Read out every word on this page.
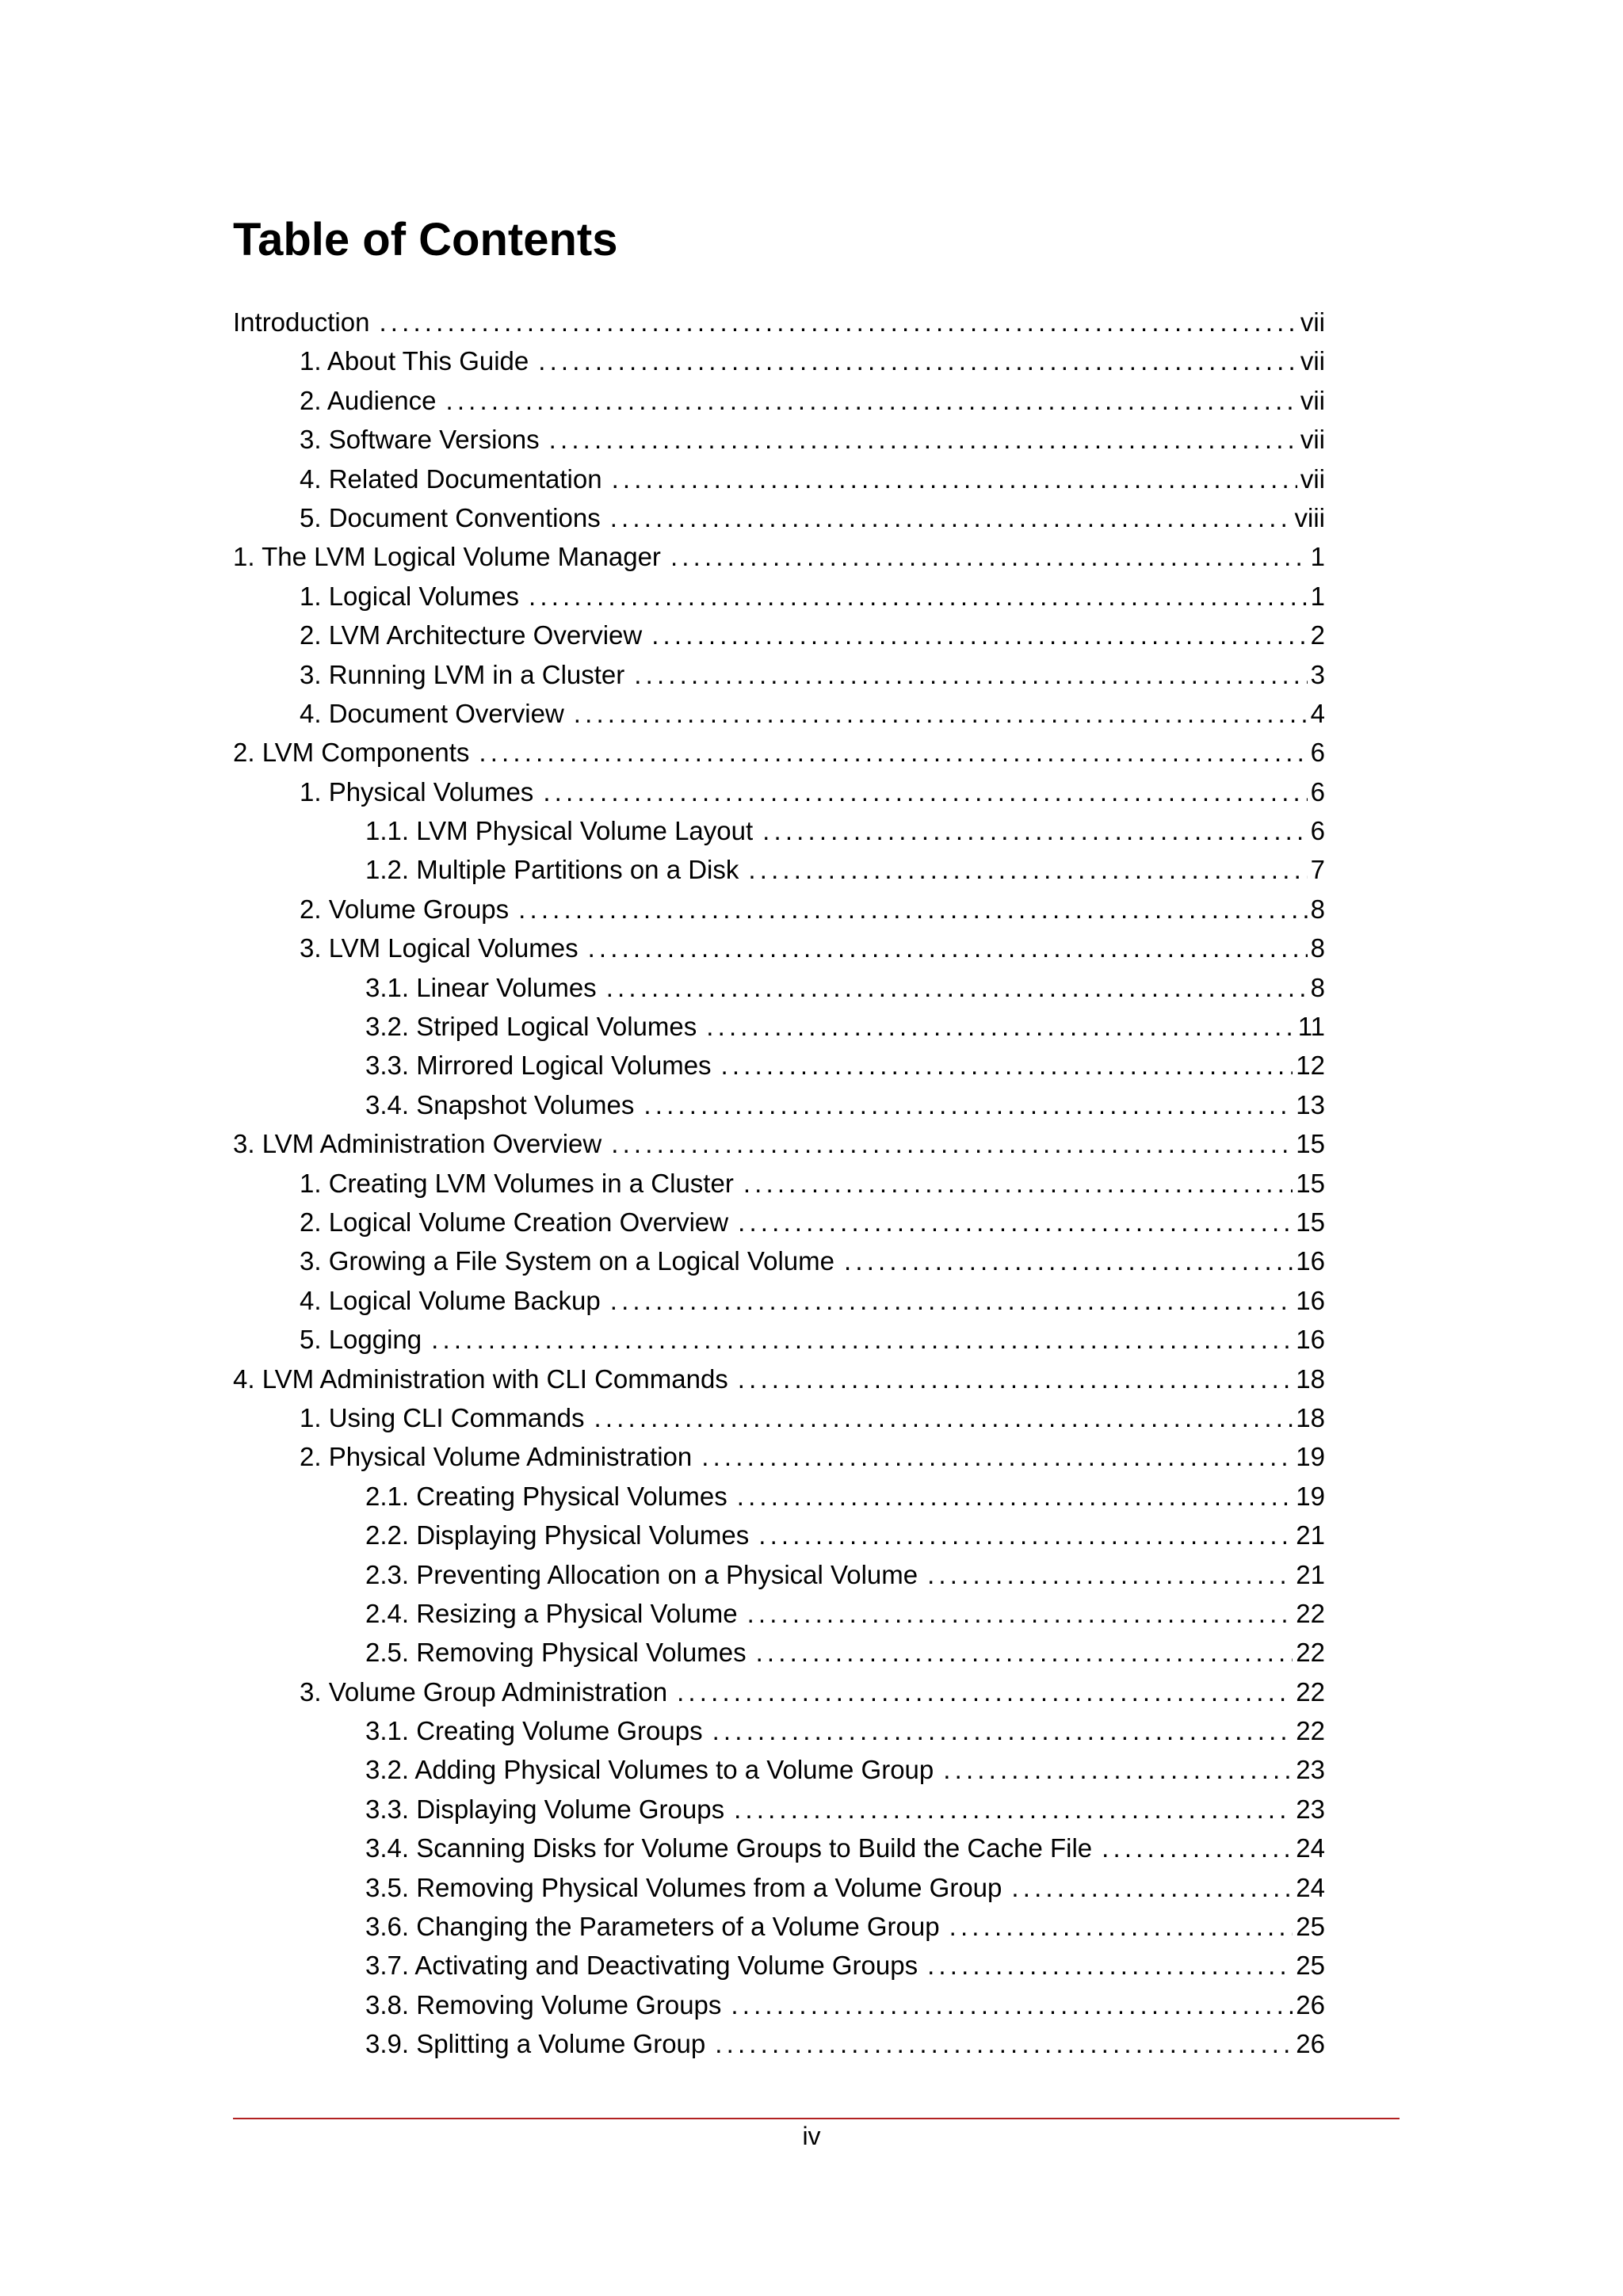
Table of Contents
Introduction . . .	vii
1. About This Guide . . .	vii
2. Audience . . .	vii
3. Software Versions . . .	vii
4. Related Documentation . . .	vii
5. Document Conventions . . .	viii
1. The LVM Logical Volume Manager . . .	1
1. Logical Volumes . . .	1
2. LVM Architecture Overview . . .	2
3. Running LVM in a Cluster . . .	3
4. Document Overview . . .	4
2. LVM Components . . .	6
1. Physical Volumes . . .	6
1.1. LVM Physical Volume Layout . . .	6
1.2. Multiple Partitions on a Disk . . .	7
2. Volume Groups . . .	8
3. LVM Logical Volumes . . .	8
3.1. Linear Volumes . . .	8
3.2. Striped Logical Volumes . . .	11
3.3. Mirrored Logical Volumes . . .	12
3.4. Snapshot Volumes . . .	13
3. LVM Administration Overview . . .	15
1. Creating LVM Volumes in a Cluster . . .	15
2. Logical Volume Creation Overview . . .	15
3. Growing a File System on a Logical Volume . . .	16
4. Logical Volume Backup . . .	16
5. Logging . . .	16
4. LVM Administration with CLI Commands . . .	18
1. Using CLI Commands . . .	18
2. Physical Volume Administration . . .	19
2.1. Creating Physical Volumes . . .	19
2.2. Displaying Physical Volumes . . .	21
2.3. Preventing Allocation on a Physical Volume . . .	21
2.4. Resizing a Physical Volume . . .	22
2.5. Removing Physical Volumes . . .	22
3. Volume Group Administration . . .	22
3.1. Creating Volume Groups . . .	22
3.2. Adding Physical Volumes to a Volume Group . . .	23
3.3. Displaying Volume Groups . . .	23
3.4. Scanning Disks for Volume Groups to Build the Cache File . . .	24
3.5. Removing Physical Volumes from a Volume Group . . .	24
3.6. Changing the Parameters of a Volume Group . . .	25
3.7. Activating and Deactivating Volume Groups . . .	25
3.8. Removing Volume Groups . . .	26
3.9. Splitting a Volume Group . . .	26
iv
